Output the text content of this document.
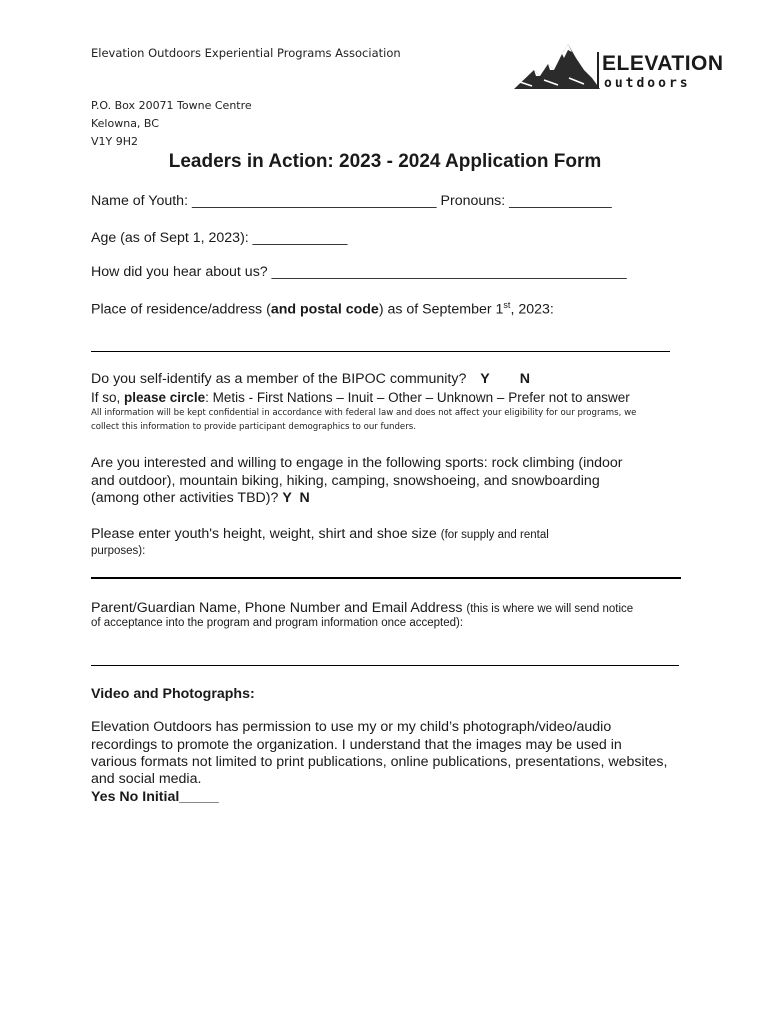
Elevation Outdoors Experiential Programs Association
P.O. Box 20071 Towne Centre
Kelowna, BC
V1Y 9H2
ELEVATION
outdoors
Leaders in Action: 2023 - 2024 Application Form
Name of Youth: _______________________________ Pronouns: _____________
Age (as of Sept 1, 2023): ____________
How did you hear about us? _____________________________________________
Place of residence/address (and postal code) as of September 1st, 2023:
Do you self-identify as a member of the BIPOC community? Y N
If so, please circle: Metis - First Nations – Inuit – Other – Unknown – Prefer not to answer
All information will be kept confidential in accordance with federal law and does not affect your eligibility for our programs, we
collect this information to provide participant demographics to our funders.
Are you interested and willing to engage in the following sports: rock climbing (indoor
and outdoor), mountain biking, hiking, camping, snowshoeing, and snowboarding
(among other activities TBD)? Y  N
Please enter youth's height, weight, shirt and shoe size (for supply and rental
purposes):
Parent/Guardian Name, Phone Number and Email Address (this is where we will send notice
of acceptance into the program and program information once accepted):
Video and Photographs:
Elevation Outdoors has permission to use my or my child’s photograph/video/audio
recordings to promote the organization. I understand that the images may be used in
various formats not limited to print publications, online publications, presentations, websites,
and social media.
Yes No Initial_____
